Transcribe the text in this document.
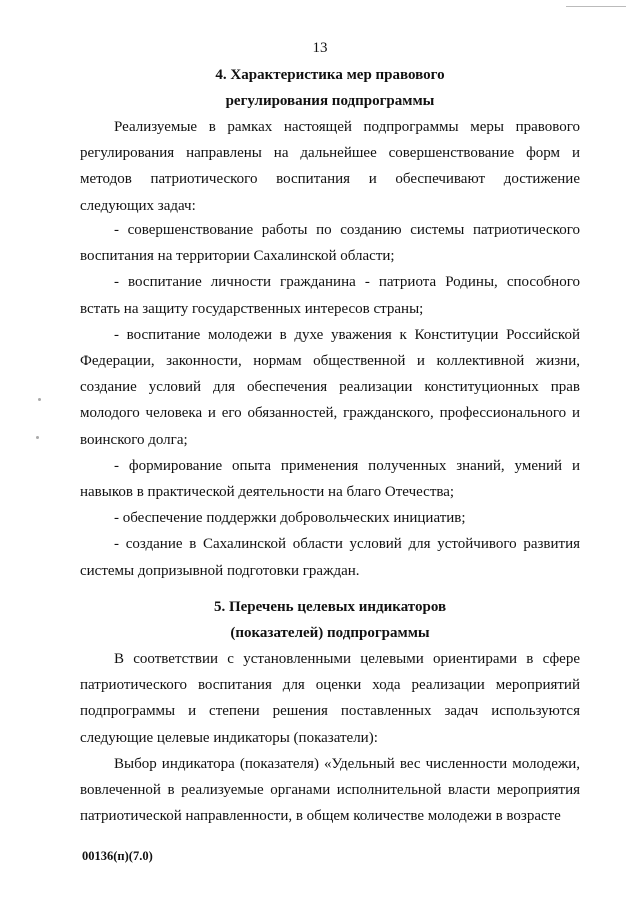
13
4. Характеристика мер правового
регулирования подпрограммы

Реализуемые в рамках настоящей подпрограммы меры правового регулирования направлены на дальнейшее совершенствование форм и методов патриотического воспитания и обеспечивают достижение следующих задач:

- совершенствование работы по созданию системы патриотического воспитания на территории Сахалинской области;

- воспитание личности гражданина - патриота Родины, способного встать на защиту государственных интересов страны;

- воспитание молодежи в духе уважения к Конституции Российской Федерации, законности, нормам общественной и коллективной жизни, создание условий для обеспечения реализации конституционных прав молодого человека и его обязанностей, гражданского, профессионального и воинского долга;

- формирование опыта применения полученных знаний, умений и навыков в практической деятельности на благо Отечества;

- обеспечение поддержки добровольческих инициатив;

- создание в Сахалинской области условий для устойчивого развития системы допризывной подготовки граждан.

5. Перечень целевых индикаторов
(показателей) подпрограммы

В соответствии с установленными целевыми ориентирами в сфере патриотического воспитания для оценки хода реализации мероприятий подпрограммы и степени решения поставленных задач используются следующие целевые индикаторы (показатели):

Выбор индикатора (показателя) «Удельный вес численности молодежи, вовлеченной в реализуемые органами исполнительной власти мероприятия патриотической направленности, в общем количестве молодежи в возрасте

00136(п)(7.0)
